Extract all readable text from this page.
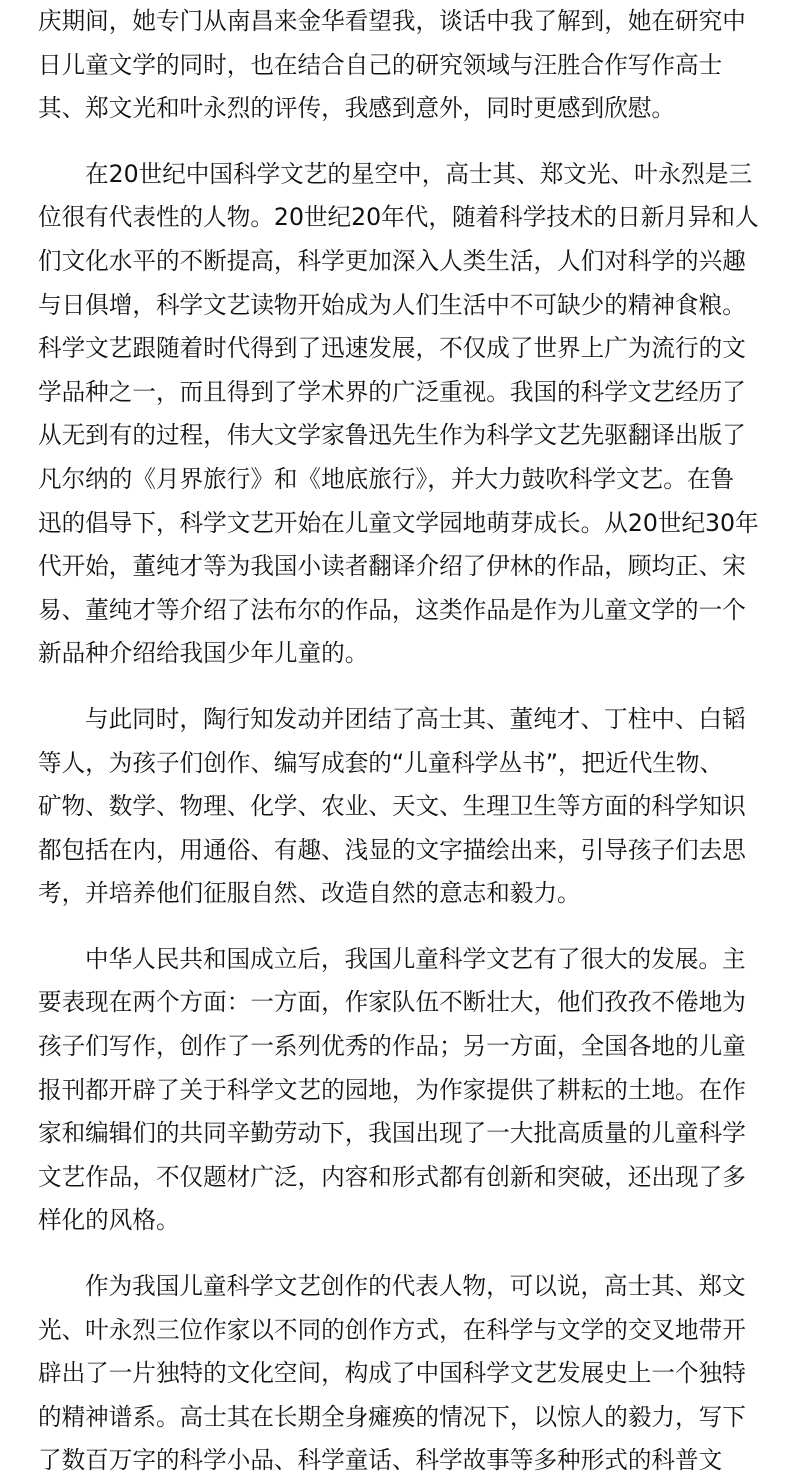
庆期间，她专门从南昌来金华看望我，谈话中我了解到，她在研究中
日儿童文学的同时，也在结合自己的研究领域与汪胜合作写作高士
其、郑文光和叶永烈的评传，我感到意外，同时更感到欣慰。
在20世纪中国科学文艺的星空中，高士其、郑文光、叶永烈是三
位很有代表性的人物。20世纪20年代，随着科学技术的日新月异和人
们文化水平的不断提高，科学更加深入人类生活，人们对科学的兴趣
与日俱增，科学文艺读物开始成为人们生活中不可缺少的精神食粮。
科学文艺跟随着时代得到了迅速发展，不仅成了世界上广为流行的文
学品种之一，而且得到了学术界的广泛重视。我国的科学文艺经历了
从无到有的过程，伟大文学家鲁迅先生作为科学文艺先驱翻译出版了
凡尔纳的《月界旅行》和《地底旅行》，并大力鼓吹科学文艺。在鲁
迅的倡导下，科学文艺开始在儿童文学园地萌芽成长。从20世纪30年
代开始，董纯才等为我国小读者翻译介绍了伊林的作品，顾均正、宋
易、董纯才等介绍了法布尔的作品，这类作品是作为儿童文学的一个
新品种介绍给我国少年儿童的。
与此同时，陶行知发动并团结了高士其、董纯才、丁柱中、白韬
等人，为孩子们创作、编写成套的“儿童科学丛书”，把近代生物、
矿物、数学、物理、化学、农业、天文、生理卫生等方面的科学知识
都包括在内，用通俗、有趣、浅显的文字描绘出来，引导孩子们去思
考，并培养他们征服自然、改造自然的意志和毅力。
中华人民共和国成立后，我国儿童科学文艺有了很大的发展。主
要表现在两个方面：一方面，作家队伍不断壮大，他们孜孜不倦地为
孩子们写作，创作了一系列优秀的作品；另一方面，全国各地的儿童
报刊都开辟了关于科学文艺的园地，为作家提供了耕耘的土地。在作
家和编辑们的共同辛勤劳动下，我国出现了一大批高质量的儿童科学
文艺作品，不仅题材广泛，内容和形式都有创新和突破，还出现了多
样化的风格。
作为我国儿童科学文艺创作的代表人物，可以说，高士其、郑文
光、叶永烈三位作家以不同的创作方式，在科学与文学的交叉地带开
辟出了一片独特的文化空间，构成了中国科学文艺发展史上一个独特
的精神谱系。高士其在长期全身瘫痪的情况下，以惊人的毅力，写下
了数百万字的科学小品、科学童话、科学故事等多种形式的科普文
